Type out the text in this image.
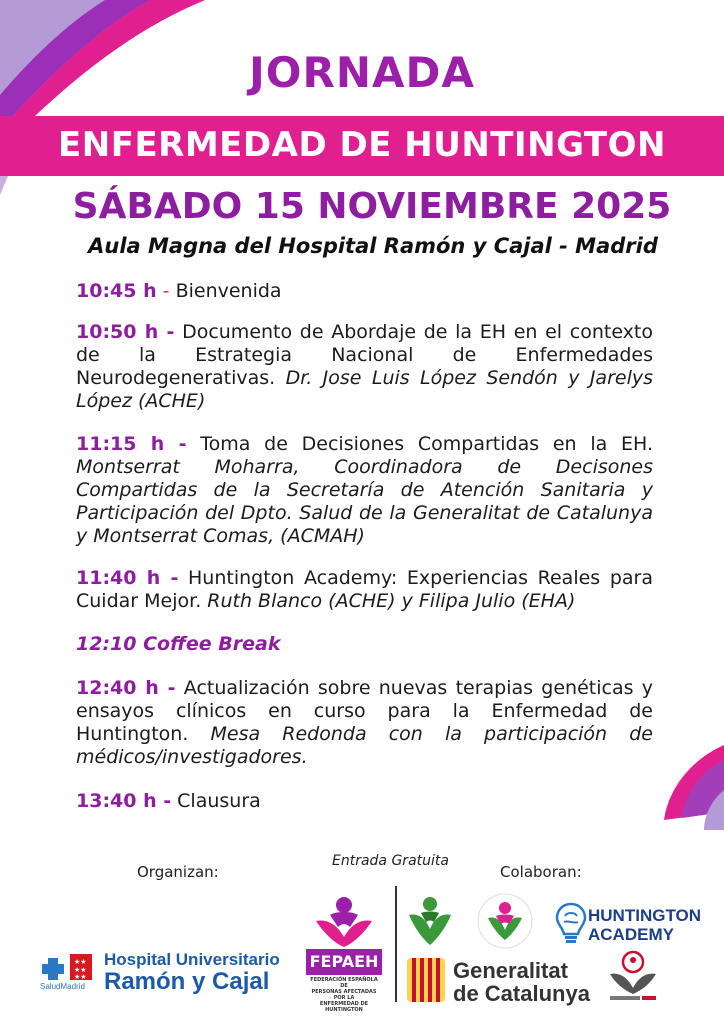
JORNADA
ENFERMEDAD DE HUNTINGTON
SÁBADO 15 NOVIEMBRE 2025
Aula Magna del Hospital Ramón y Cajal - Madrid
10:45 h - Bienvenida
10:50 h - Documento de Abordaje de la EH en el contexto de la Estrategia Nacional de Enfermedades Neurodegenerativas. Dr. Jose Luis López Sendón y Jarelys López (ACHE)
11:15 h - Toma de Decisiones Compartidas en la EH. Montserrat Moharra, Coordinadora de Decisones Compartidas de la Secretaría de Atención Sanitaria y Participación del Dpto. Salud de la Generalitat de Catalunya y Montserrat Comas, (ACMAH)
11:40 h - Huntington Academy: Experiencias Reales para Cuidar Mejor. Ruth Blanco (ACHE) y Filipa Julio (EHA)
12:10 Coffee Break
12:40 h - Actualización sobre nuevas terapias genéticas y ensayos clínicos en curso para la Enfermedad de Huntington. Mesa Redonda con la participación de médicos/investigadores.
13:40 h - Clausura
Organizan:
Entrada Gratuita
Colaboran:
★★
★★
★★
SaludMadrid
Hospital Universitario
Ramón y Cajal
FEPAEH
FEDERACIÓN ESPAÑOLA DE
PERSONAS AFECTADAS POR LA
ENFERMEDAD DE HUNTINGTON
HUNTINGTON
ACADEMY
Generalitat
de Catalunya
